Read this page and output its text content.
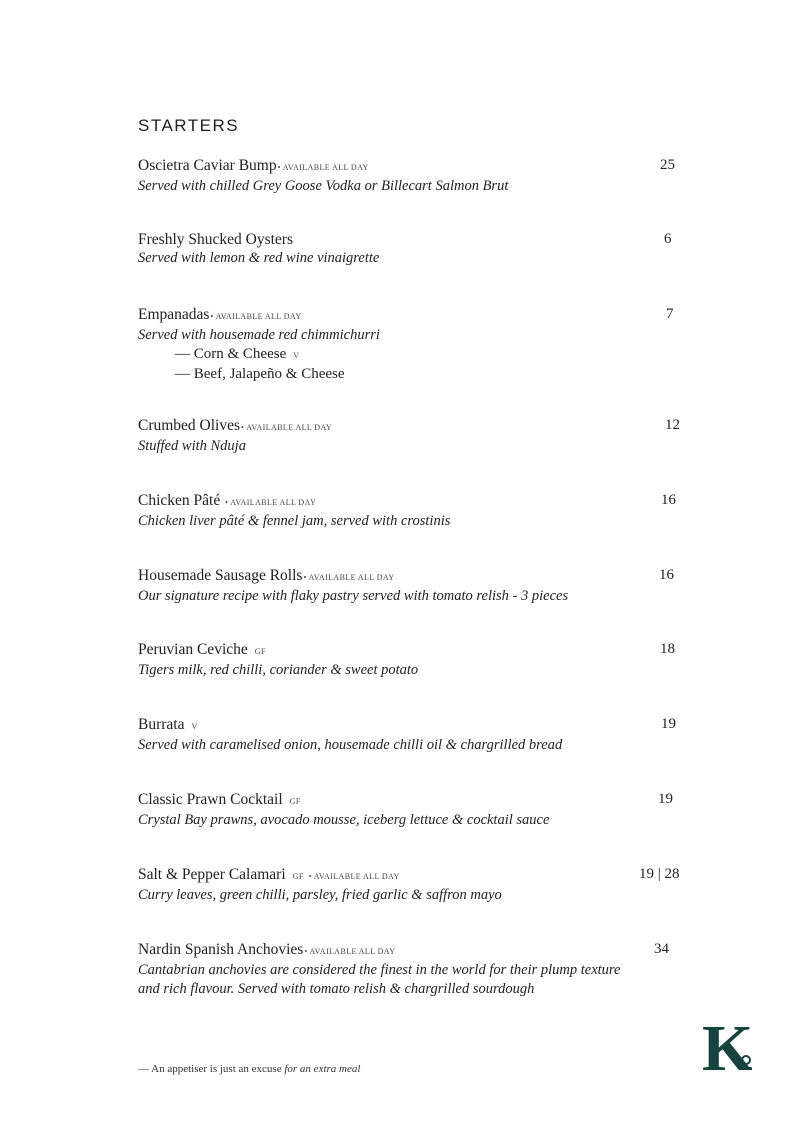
STARTERS
Oscietra Caviar Bump• AVAILABLE ALL DAY	25
Served with chilled Grey Goose Vodka or Billecart Salmon Brut
Freshly Shucked Oysters	6
Served with lemon & red wine vinaigrette
Empanadas• AVAILABLE ALL DAY	7
Served with housemade red chimmichurri
— Corn & Cheese V
— Beef, Jalapeño & Cheese
Crumbed Olives• AVAILABLE ALL DAY	12
Stuffed with Nduja
Chicken Pâté • AVAILABLE ALL DAY	16
Chicken liver pâté & fennel jam, served with crostinis
Housemade Sausage Rolls• AVAILABLE ALL DAY	16
Our signature recipe with flaky pastry served with tomato relish - 3 pieces
Peruvian Ceviche GF	18
Tigers milk, red chilli, coriander & sweet potato
Burrata V	19
Served with caramelised onion, housemade chilli oil & chargrilled bread
Classic Prawn Cocktail GF	19
Crystal Bay prawns, avocado mousse, iceberg lettuce & cocktail sauce
Salt & Pepper Calamari GF • AVAILABLE ALL DAY	19 | 28
Curry leaves, green chilli, parsley, fried garlic & saffron mayo
Nardin Spanish Anchovies• AVAILABLE ALL DAY	34
Cantabrian anchovies are considered the finest in the world for their plump texture
and rich flavour. Served with tomato relish & chargrilled sourdough
— An appetiser is just an excuse for an extra meal	K
